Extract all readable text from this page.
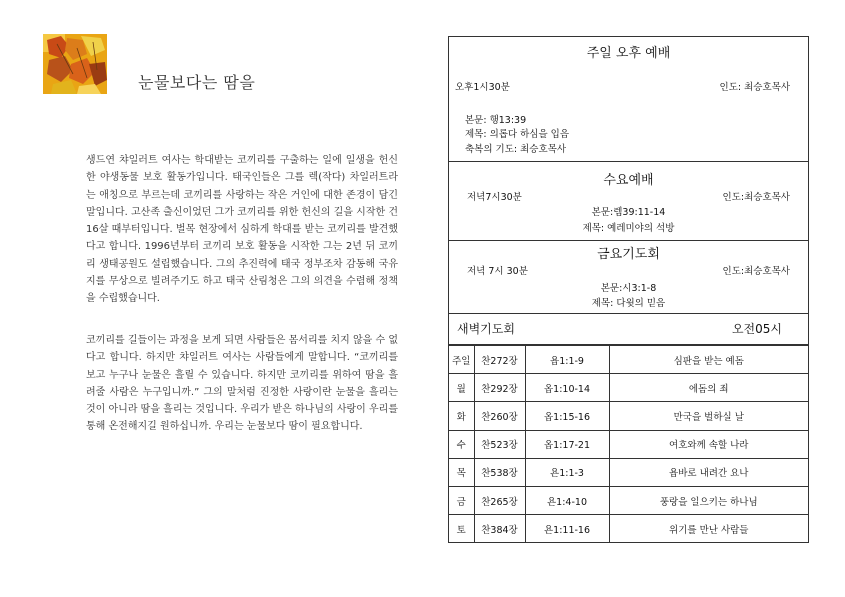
눈물보다는 땀을

생드연 챠일러트 여사는 학대받는 코끼리를 구출하는 일에 일생을 헌신한 야생동물 보호 활동가입니다. 태국인들은 그를 렉(작다) 차일러트라는 애칭으로 부르는데 코끼리를 사랑하는 작은 거인에 대한 존경이 담긴 말입니다. 고산족 출신이었던 그가 코끼리를 위한 헌신의 길을 시작한 건 16살 때부터입니다. 벌목 현장에서 심하게 학대를 받는 코끼리를 발견했다고 합니다. 1996년부터 코끼리 보호 활동을 시작한 그는 2년 뒤 코끼리 생태공원도 설립했습니다. 그의 추진력에 태국 정부조차 감동해 국유지를 무상으로 빌려주기도 하고 태국 산림청은 그의 의견을 수렴해 정책을 수립했습니다.

코끼리를 길들이는 과정을 보게 되면 사람들은 몸서리를 치지 않을 수 없다고 합니다. 하지만 챠일러트 여사는 사람들에게 말합니다. “코끼리를 보고 누구나 눈물은 흘릴 수 있습니다. 하지만 코끼리를 위하여 땀을 흘려줄 사람은 누구입니까.” 그의 말처럼 진정한 사랑이란 눈물을 흘리는 것이 아니라 땀을 흘리는 것입니다. 우리가 받은 하나님의 사랑이 우리를 통해 온전해지길 원하십니까. 우리는 눈물보다 땀이 필요합니다.

주일 오후 예배
오후1시30분	인도: 최승호목사
본문: 행13:39
제목: 의롭다 하심을 입음
축복의 기도: 최승호목사
수요예배
저녁7시30분	인도:최승호목사
본문:렘39:11-14
제목: 예레미야의 석방
금요기도회
저녁 7시 30분	인도:최승호목사
본문:시3:1-8
제목: 다윗의 믿음
새벽기도회	오전05시
주일	찬272장	욥1:1-9	심판을 받는 예돔
월	찬292장	옵1:10-14	에돔의 죄
화	찬260장	옵1:15-16	만국을 벌하실 날
수	찬523장	옵1:17-21	여호와께 속할 나라
목	찬538장	욘1:1-3	욥바로 내려간 요나
금	찬265장	욘1:4-10	풍랑을 일으키는 하나님
토	찬384장	욘1:11-16	위기를 만난 사람들
